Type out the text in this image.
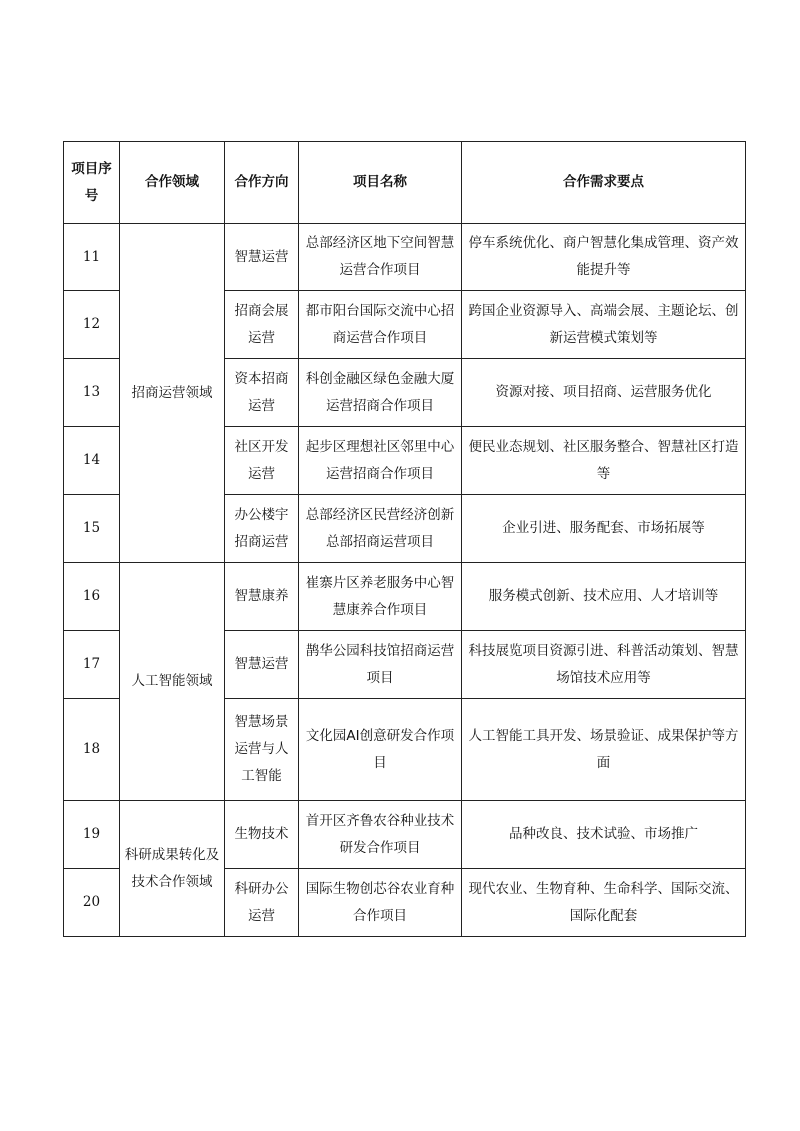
项目序号	合作领域	合作方向	项目名称	合作需求要点
11	招商运营领域	智慧运营	总部经济区地下空间智慧运营合作项目	停车系统优化、商户智慧化集成管理、资产效能提升等
12		招商会展运营	都市阳台国际交流中心招商运营合作项目	跨国企业资源导入、高端会展、主题论坛、创新运营模式策划等
13		资本招商运营	科创金融区绿色金融大厦运营招商合作项目	资源对接、项目招商、运营服务优化
14		社区开发运营	起步区理想社区邻里中心运营招商合作项目	便民业态规划、社区服务整合、智慧社区打造等
15		办公楼宇招商运营	总部经济区民营经济创新总部招商运营项目	企业引进、服务配套、市场拓展等
16	人工智能领域	智慧康养	崔寨片区养老服务中心智慧康养合作项目	服务模式创新、技术应用、人才培训等
17		智慧运营	鹊华公园科技馆招商运营项目	科技展览项目资源引进、科普活动策划、智慧场馆技术应用等
18		智慧场景运营与人工智能	文化园AI创意研发合作项目	人工智能工具开发、场景验证、成果保护等方面
19	科研成果转化及技术合作领域	生物技术	首开区齐鲁农谷种业技术研发合作项目	品种改良、技术试验、市场推广
20		科研办公运营	国际生物创芯谷农业育种合作项目	现代农业、生物育种、生命科学、国际交流、国际化配套
